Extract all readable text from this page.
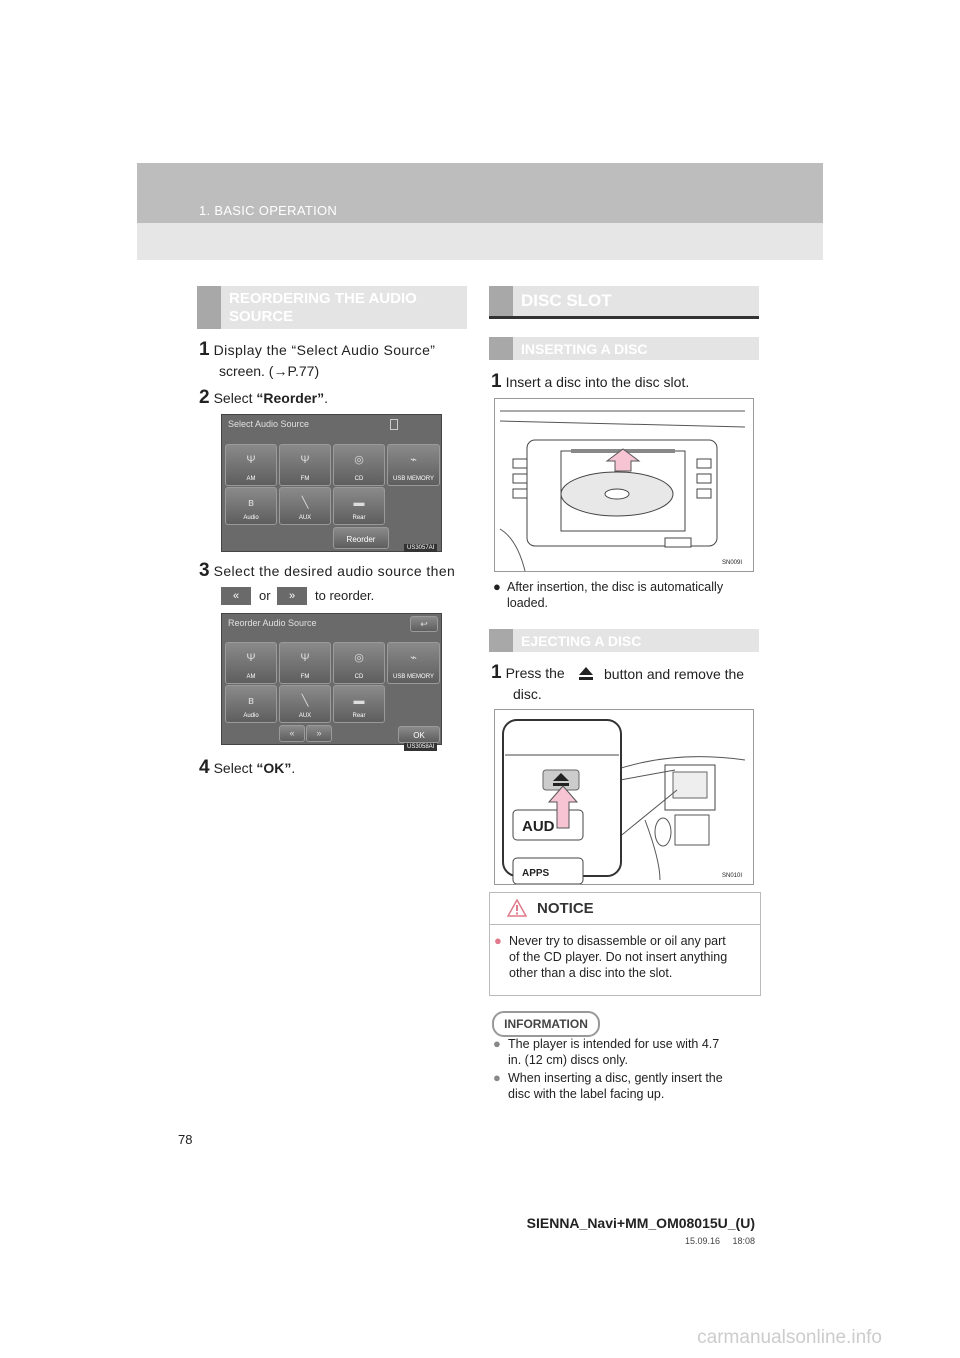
1. BASIC OPERATION
REORDERING THE AUDIO
SOURCE
1 Display the “Select Audio Source”
screen. (→P.77)
2 Select “Reorder”.
Select Audio Source
Ψ
AM
Ψ
FM
◎
CD
⌁
USB MEMORY
ʙ
Audio
╲
AUX
▬
Rear
Reorder
US3057AI
3 Select the desired audio source then
«	or	»	to reorder.
Reorder Audio Source	↩
Ψ
AM
Ψ
FM
◎
CD
⌁
USB MEMORY
ʙ
Audio
╲
AUX
▬
Rear
«	»	OK
US3058AI
4 Select “OK”.
DISC SLOT
INSERTING A DISC
1 Insert a disc into the disc slot.
SN009I
● After insertion, the disc is automatically
loaded.
EJECTING A DISC
1 Press the	button and remove the
disc.
AUD
APPS	SN010I
NOTICE
● Never try to disassemble or oil any part
of the CD player. Do not insert anything
other than a disc into the slot.
INFORMATION
● The player is intended for use with 4.7
in. (12 cm) discs only.
● When inserting a disc, gently insert the
disc with the label facing up.
78
SIENNA_Navi+MM_OM08015U_(U)
15.09.16     18:08
carmanualsonline.info
